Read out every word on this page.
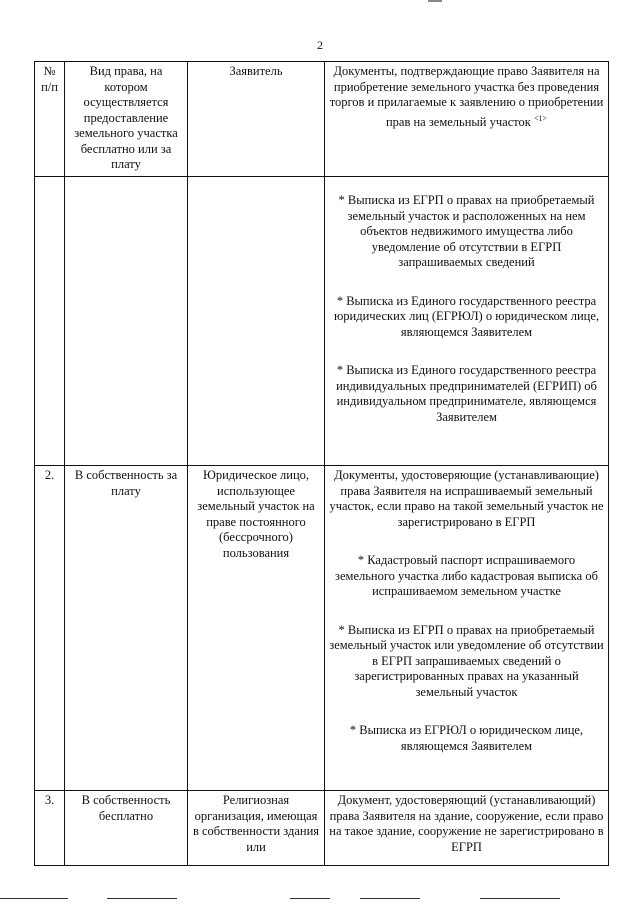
2
№ п/п	Вид права, на котором осуществляется предоставление земельного участка бесплатно или за плату	Заявитель	Документы, подтверждающие право Заявителя на приобретение земельного участка без проведения торгов и прилагаемые к заявлению о приобретении прав на земельный участок $^{<1>}$

			* Выписка из ЕГРП о правах на приобретаемый земельный участок и расположенных на нем объектов недвижимого имущества либо уведомление об отсутствии в ЕГРП запрашиваемых сведений
* Выписка из Единого государственного реестра юридических лиц (ЕГРЮЛ) о юридическом лице, являющемся Заявителем
* Выписка из Единого государственного реестра индивидуальных предпринимателей (ЕГРИП) об индивидуальном предпринимателе, являющемся Заявителем

2.	В собственность за плату	Юридическое лицо, использующее земельный участок на праве постоянного (бессрочного) пользования	Документы, удостоверяющие (устанавливающие) права Заявителя на испрашиваемый земельный участок, если право на такой земельный участок не зарегистрировано в ЕГРП
* Кадастровый паспорт испрашиваемого земельного участка либо кадастровая выписка об испрашиваемом земельном участке
* Выписка из ЕГРП о правах на приобретаемый земельный участок или уведомление об отсутствии в ЕГРП запрашиваемых сведений о зарегистрированных правах на указанный земельный участок
* Выписка из ЕГРЮЛ о юридическом лице, являющемся Заявителем

3.	В собственность бесплатно	Религиозная организация, имеющая в собственности здания или	Документ, удостоверяющий (устанавливающий) права Заявителя на здание, сооружение, если право на такое здание, сооружение не зарегистрировано в ЕГРП
